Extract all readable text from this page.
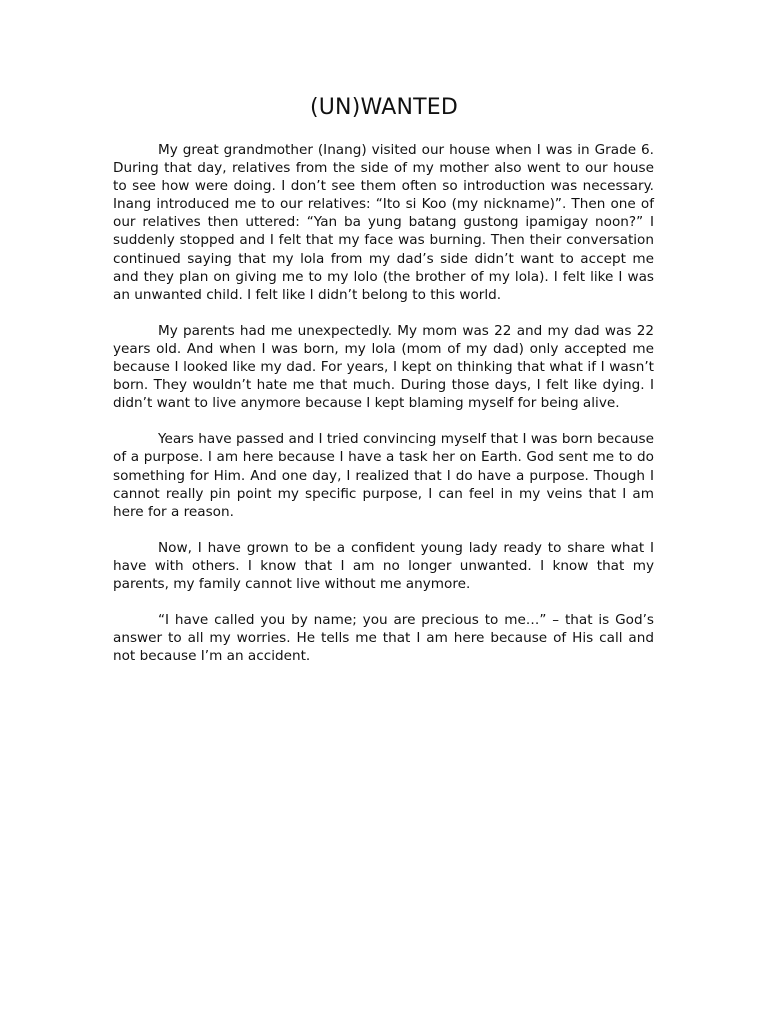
(UN)WANTED

My great grandmother (Inang) visited our house when I was in Grade 6. During that day, relatives from the side of my mother also went to our house to see how were doing. I don’t see them often so introduction was necessary. Inang introduced me to our relatives: “Ito si Koo (my nickname)”. Then one of our relatives then uttered: “Yan ba yung batang gustong ipamigay noon?” I suddenly stopped and I felt that my face was burning. Then their conversation continued saying that my lola from my dad’s side didn’t want to accept me and they plan on giving me to my lolo (the brother of my lola). I felt like I was an unwanted child. I felt like I didn’t belong to this world.

My parents had me unexpectedly. My mom was 22 and my dad was 22 years old. And when I was born, my lola (mom of my dad) only accepted me because I looked like my dad. For years, I kept on thinking that what if I wasn’t born. They wouldn’t hate me that much. During those days, I felt like dying. I didn’t want to live anymore because I kept blaming myself for being alive.

Years have passed and I tried convincing myself that I was born because of a purpose. I am here because I have a task her on Earth. God sent me to do something for Him. And one day, I realized that I do have a purpose. Though I cannot really pin point my specific purpose, I can feel in my veins that I am here for a reason.

Now, I have grown to be a confident young lady ready to share what I have with others. I know that I am no longer unwanted. I know that my parents, my family cannot live without me anymore.

“I have called you by name; you are precious to me…” – that is God’s answer to all my worries. He tells me that I am here because of His call and not because I’m an accident.
